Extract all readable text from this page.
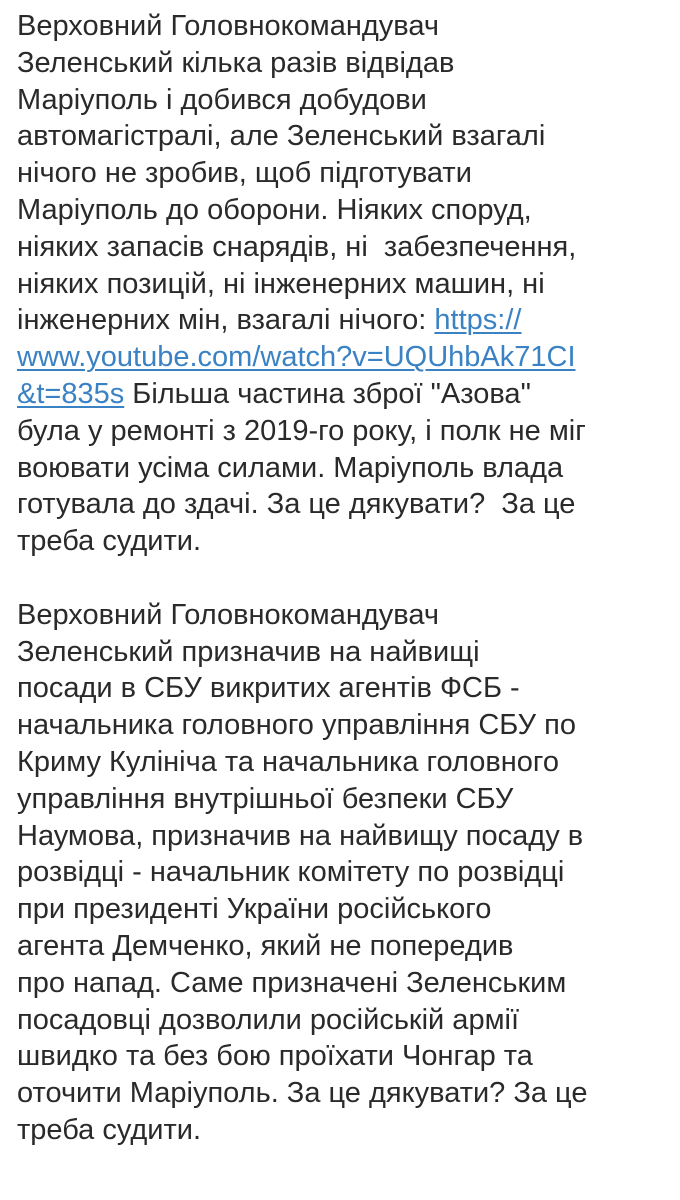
Верховний Головнокомандувач
Зеленський кілька разів відвідав
Маріуполь і добився добудови
автомагістралі, але Зеленський взагалі
нічого не зробив, щоб підготувати
Маріуполь до оборони. Ніяких споруд,
ніяких запасів снарядів, ні  забезпечення,
ніяких позицій, ні інженерних машин, ні
інженерних мін, взагалі нічого: https://
www.youtube.com/watch?v=UQUhbAk71CI
&t=835s Більша частина зброї "Азова"
була у ремонті з 2019-го року, і полк не міг
воювати усіма силами. Маріуполь влада
готувала до здачі. За це дякувати?  За це
треба судити.
Верховний Головнокомандувач
Зеленський призначив на найвищі
посади в СБУ викритих агентів ФСБ -
начальника головного управління СБУ по
Криму Кулініча та начальника головного
управління внутрішньої безпеки СБУ
Наумова, призначив на найвищу посаду в
розвідці - начальник комітету по розвідці
при президенті України російського
агента Демченко, який не попередив
про напад. Саме призначені Зеленським
посадовці дозволили російській армії
швидко та без бою проїхати Чонгар та
оточити Маріуполь. За це дякувати? За це
треба судити.
